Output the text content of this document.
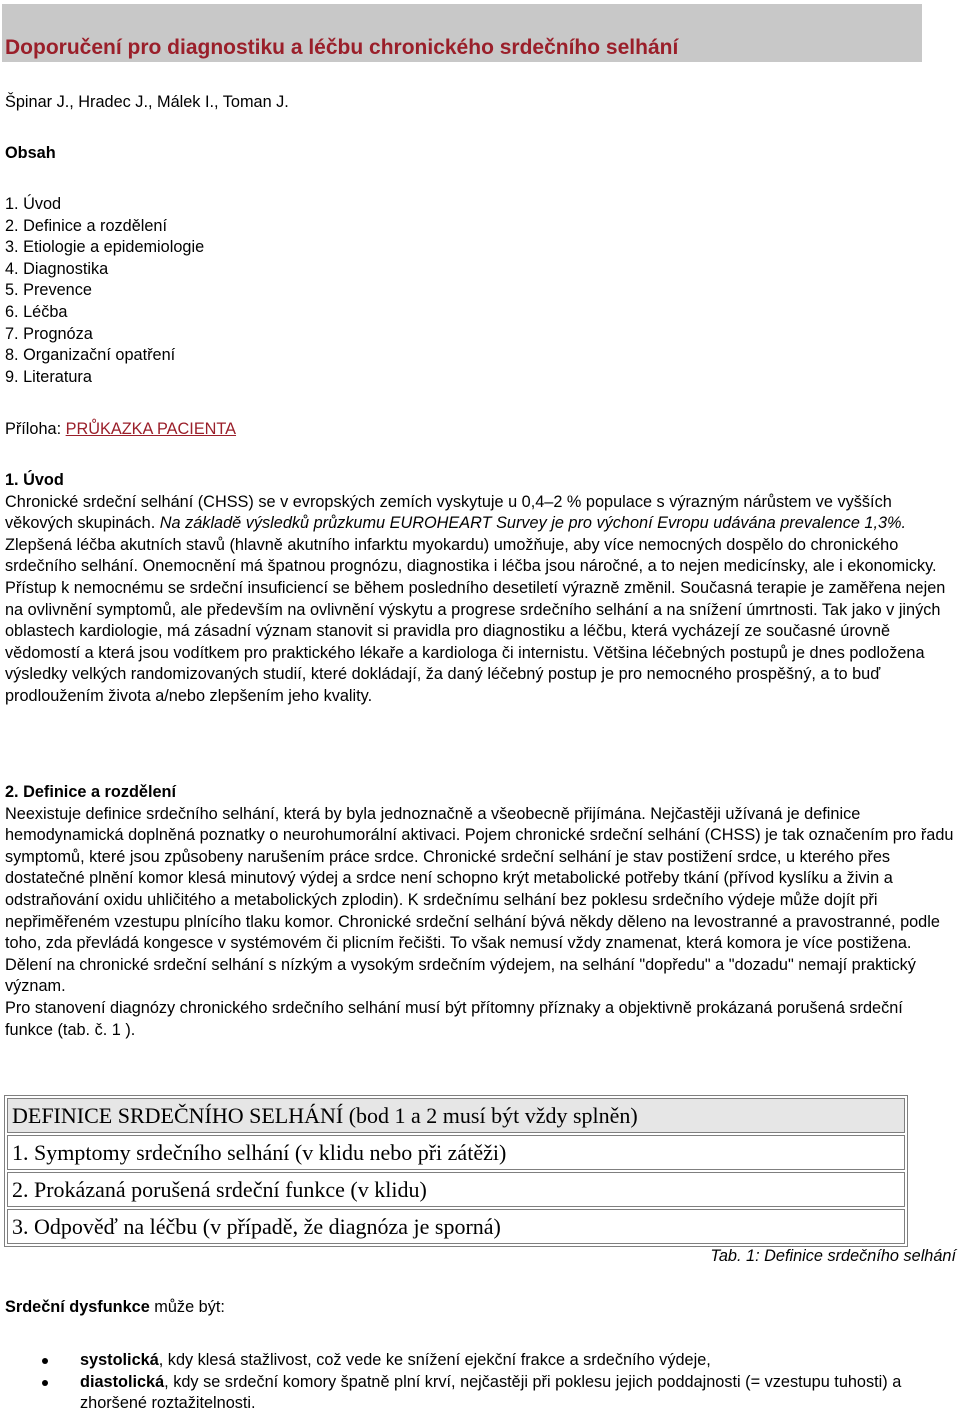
Doporučení pro diagnostiku a léčbu chronického srdečního selhání

Špinar J., Hradec J., Málek I., Toman J.

Obsah

1. Úvod
2. Definice a rozdělení
3. Etiologie a epidemiologie
4. Diagnostika
5. Prevence
6. Léčba
7. Prognóza
8. Organizační opatření
9. Literatura

Příloha: PRŮKAZKA PACIENTA

1. Úvod

Chronické srdeční selhání (CHSS) se v evropských zemích vyskytuje u 0,4–2 % populace s výrazným nárůstem ve vyšších věkových skupinách. Na základě výsledků průzkumu EUROHEART Survey je pro výchoní Evropu udávána prevalence 1,3%. Zlepšená léčba akutních stavů (hlavně akutního infarktu myokardu) umožňuje, aby více nemocných dospělo do chronického srdečního selhání. Onemocnění má špatnou prognózu, diagnostika i léčba jsou náročné, a to nejen medicínsky, ale i ekonomicky.

Přístup k nemocnému se srdeční insuficiencí se během posledního desetiletí výrazně změnil. Současná terapie je zaměřena nejen na ovlivnění symptomů, ale především na ovlivnění výskytu a progrese srdečního selhání a na snížení úmrtnosti. Tak jako v jiných oblastech kardiologie, má zásadní význam stanovit si pravidla pro diagnostiku a léčbu, která vycházejí ze současné úrovně vědomostí a která jsou vodítkem pro praktického lékaře a kardiologa či internistu. Většina léčebných postupů je dnes podložena výsledky velkých randomizovaných studií, které dokládají, ža daný léčebný postup je pro nemocného prospěšný, a to buď prodloužením života a/nebo zlepšením jeho kvality.

2. Definice a rozdělení

Neexistuje definice srdečního selhání, která by byla jednoznačně a všeobecně přijímána. Nejčastěji užívaná je definice hemodynamická doplněná poznatky o neurohumorální aktivaci. Pojem chronické srdeční selhání (CHSS) je tak označením pro řadu symptomů, které jsou způsobeny narušením práce srdce. Chronické srdeční selhání je stav postižení srdce, u kterého přes dostatečné plnění komor klesá minutový výdej a srdce není schopno krýt metabolické potřeby tkání (přívod kyslíku a živin a odstraňování oxidu uhličitého a metabolických zplodin). K srdečnímu selhání bez poklesu srdečního výdeje může dojít při nepřiměřeném vzestupu plnícího tlaku komor. Chronické srdeční selhání bývá někdy děleno na levostranné a pravostranné, podle toho, zda převládá kongesce v systémovém či plicním řečišti. To však nemusí vždy znamenat, která komora je více postižena. Dělení na chronické srdeční selhání s nízkým a vysokým srdečním výdejem, na selhání "dopředu" a "dozadu" nemají praktický význam.

Pro stanovení diagnózy chronického srdečního selhání musí být přítomny příznaky a objektivně prokázaná porušená srdeční funkce (tab. č. 1 ).

DEFINICE SRDEČNÍHO SELHÁNÍ (bod 1 a 2 musí být vždy splněn)
1. Symptomy srdečního selhání (v klidu nebo při zátěži)
2. Prokázaná porušená srdeční funkce (v klidu)
3. Odpověď na léčbu (v případě, že diagnóza je sporná)
Tab. 1: Definice srdečního selhání

Srdeční dysfunkce může být:

systolická, kdy klesá stažlivost, což vede ke snížení ejekční frakce a srdečního výdeje,
diastolická, kdy se srdeční komory špatně plní krví, nejčastěji při poklesu jejich poddajnosti (= vzestupu tuhosti) a zhoršené roztažitelnosti.
